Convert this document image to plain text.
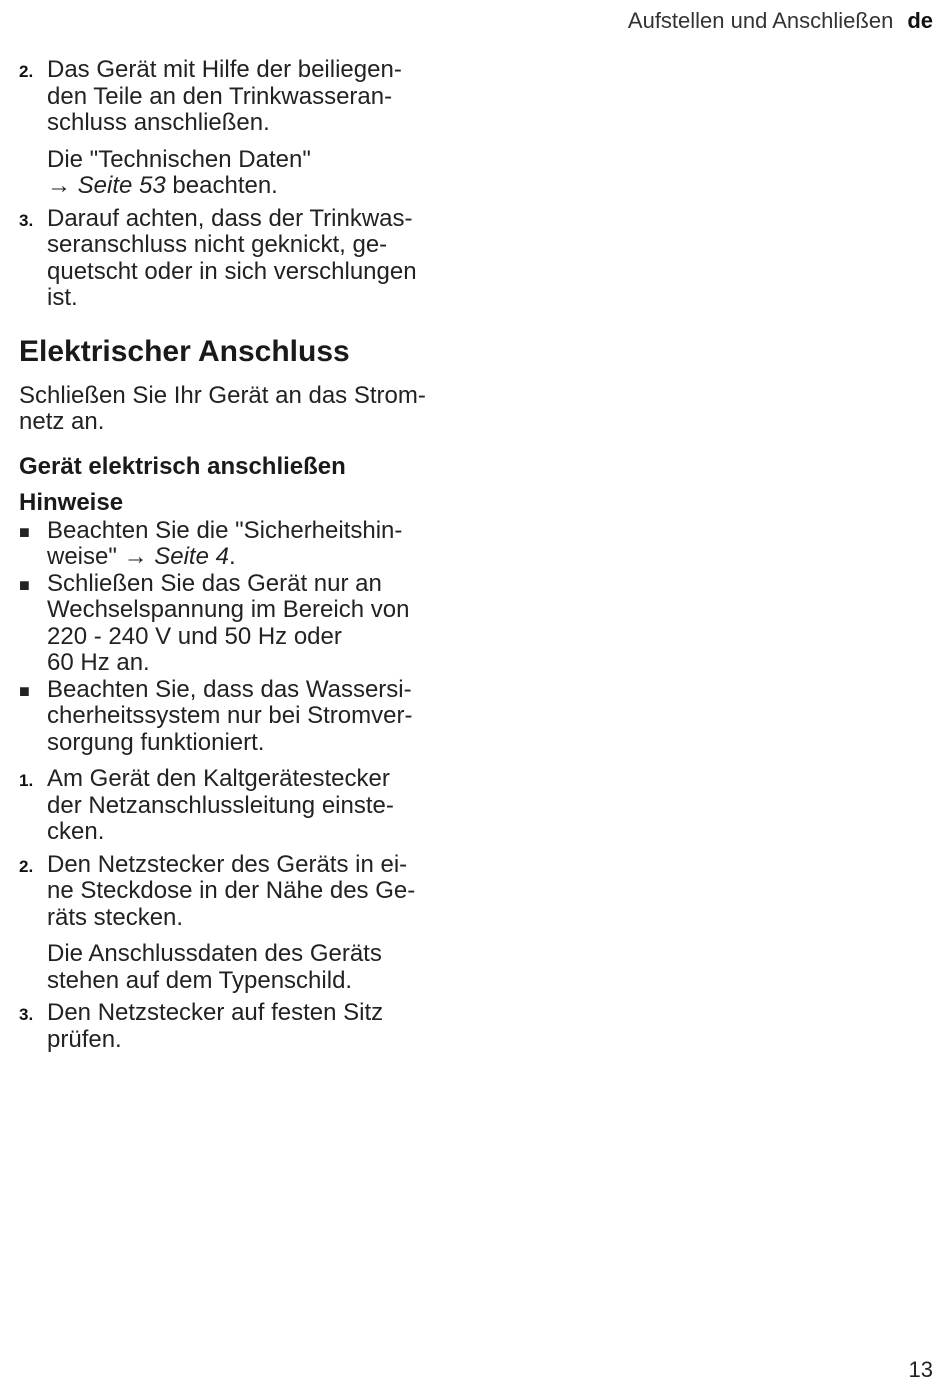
Aufstellen und Anschließen de
2. Das Gerät mit Hilfe der beiliegen-
den Teile an den Trinkwasseran-
schluss anschließen.
Die "Technischen Daten"
→ Seite 53 beachten.
3. Darauf achten, dass der Trinkwas-
seranschluss nicht geknickt, ge-
quetscht oder in sich verschlungen
ist.
Elektrischer Anschluss
Schließen Sie Ihr Gerät an das Strom-
netz an.
Gerät elektrisch anschließen
Hinweise
■ Beachten Sie die "Sicherheitshin-
weise" → Seite 4.
■ Schließen Sie das Gerät nur an
Wechselspannung im Bereich von
220 - 240 V und 50 Hz oder
60 Hz an.
■ Beachten Sie, dass das Wassersi-
cherheitssystem nur bei Stromver-
sorgung funktioniert.
1. Am Gerät den Kaltgerätestecker
der Netzanschlussleitung einste-
cken.
2. Den Netzstecker des Geräts in ei-
ne Steckdose in der Nähe des Ge-
räts stecken.
Die Anschlussdaten des Geräts
stehen auf dem Typenschild.
3. Den Netzstecker auf festen Sitz
prüfen.
13
